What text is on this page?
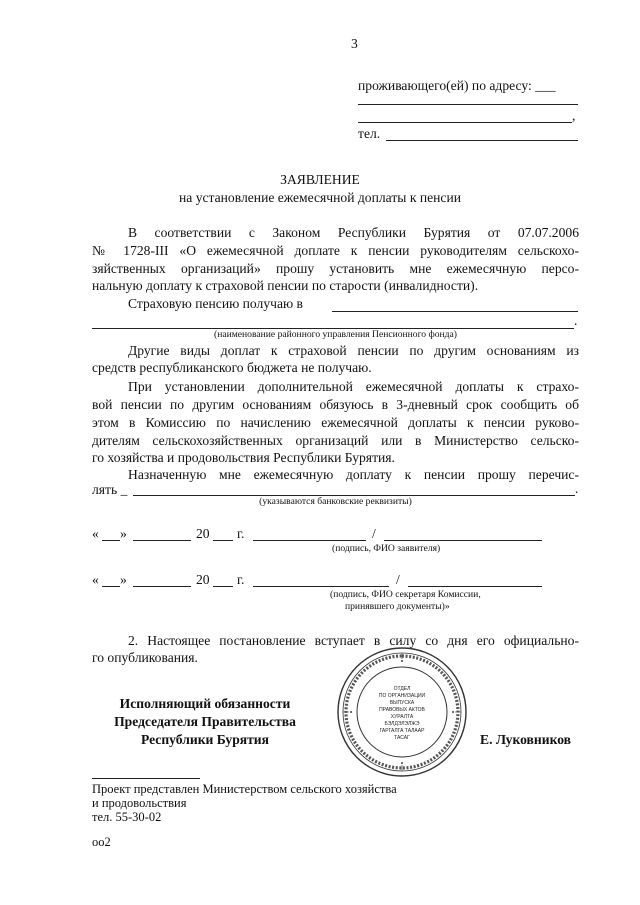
3
проживающего(ей) по адресу: ___
,
тел.
ЗАЯВЛЕНИЕ
на установление ежемесячной доплаты к пенсии
В соответствии с Законом Республики Бурятия от 07.07.2006
№ 1728-III «О ежемесячной доплате к пенсии руководителям сельскохо-
зяйственных организаций» прошу установить мне ежемесячную персо-
нальную доплату к страховой пенсии по старости (инвалидности).
Страховую пенсию получаю в
.
(наименование районного управления Пенсионного фонда)
Другие виды доплат к страховой пенсии по другим основаниям из
средств республиканского бюджета не получаю.
При установлении дополнительной ежемесячной доплаты к страхо-
вой пенсии по другим основаниям обязуюсь в 3-дневный срок сообщить об
этом в Комиссию по начислению ежемесячной доплаты к пенсии руково-
дителям сельскохозяйственных организаций или в Министерство сельско-
го хозяйства и продовольствия Республики Бурятия.
Назначенную мне ежемесячную доплату к пенсии прошу перечис-
лять _	.
(указываются банковские реквизиты)
« »	20 г.	/
(подпись, ФИО заявителя)
« »	20 г.	/
(подпись, ФИО секретаря Комиссии,
принявшего документы)»
2. Настоящее постановление вступает в силу со дня его официально-
го опубликования.
Исполняющий обязанности
Председателя Правительства
Республики Бурятия	Е. Луковников
ОТДЕЛ
ПО ОРГАНИЗАЦИИ
ВЫПУСКА
ПРАВОВЫХ АКТОВ
ХУРАЛТА
БЭЛДЭЛЭЛЖЭ
ГАРГАЛГА ТАЛААР
ТАСАГ
Проект представлен Министерством сельского хозяйства
и продовольствия
тел. 55-30-02
оо2
